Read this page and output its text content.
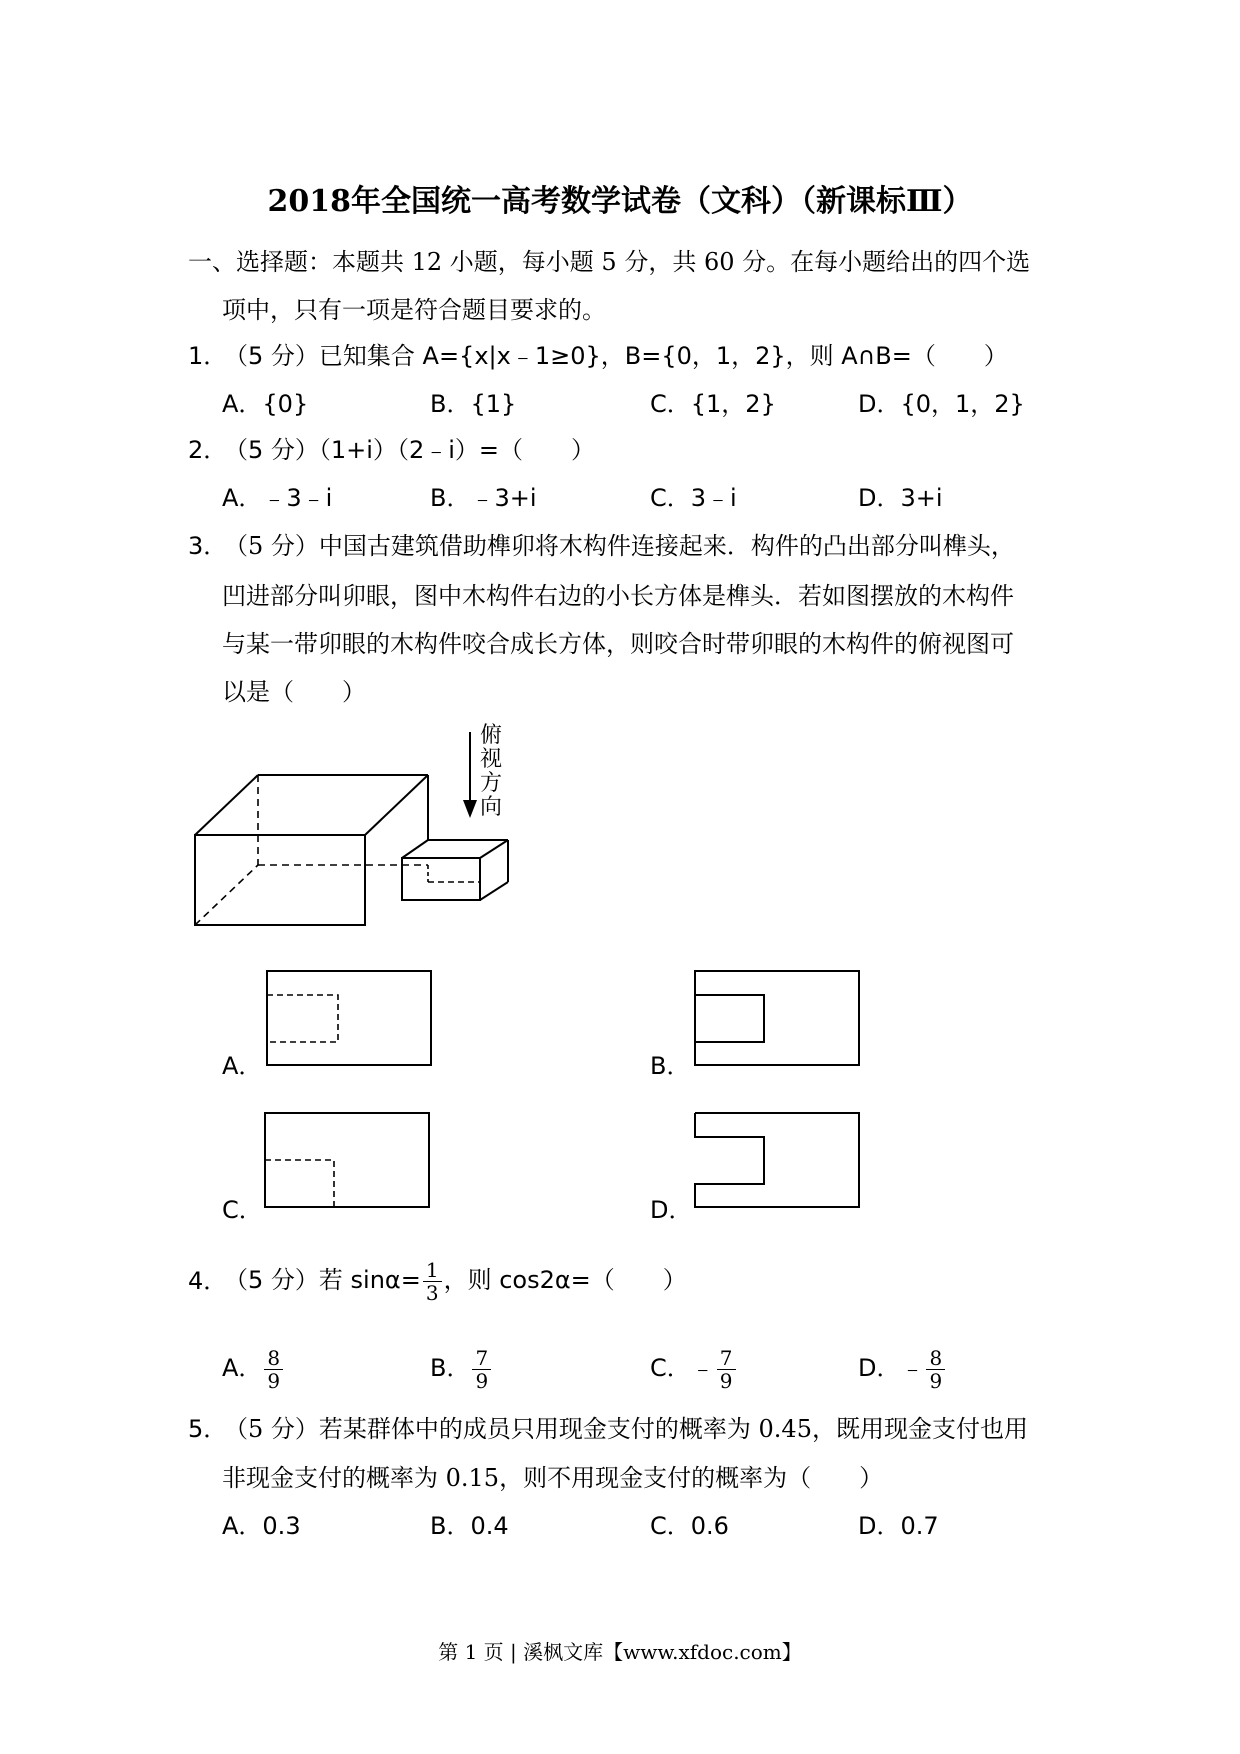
2018年全国统一高考数学试卷（文科）（新课标Ⅲ）
一、选择题：本题共 12 小题，每小题 5 分，共 60 分。在每小题给出的四个选
项中，只有一项是符合题目要求的。
1．
（5 分）已知集合 A={x|x﹣1≥0}，B={0，1，2}，则 A∩B=（　　）
A．{0}	B．{1}	C．{1，2}	D．{0，1，2}
2．
（5 分）（1+i）（2﹣i）=（　　）
A．﹣3﹣i	B．﹣3+i	C．3﹣i	D．3+i
3．
（5 分）中国古建筑借助榫卯将木构件连接起来．构件的凸出部分叫榫头，
凹进部分叫卯眼，图中木构件右边的小长方体是榫头．若如图摆放的木构件
与某一带卯眼的木构件咬合成长方体，则咬合时带卯眼的木构件的俯视图可
以是（　　）
俯
视
方
向
A．	B．
C．	D．
4．
（5 分）若 $\sin\alpha= \frac{1}{3}$ ，则 cos2α=（　　）
A． $\frac{8}{9}$	B． $\frac{7}{9}$	C．﹣ $\frac{7}{9}$	D．﹣ $\frac{8}{9}$
5．
（5 分）若某群体中的成员只用现金支付的概率为 0.45，既用现金支付也用
非现金支付的概率为 0.15，则不用现金支付的概率为（　　）
A．0.3	B．0.4	C．0.6	D．0.7
第 1 页 | 溪枫文库【www.xfdoc.com】
